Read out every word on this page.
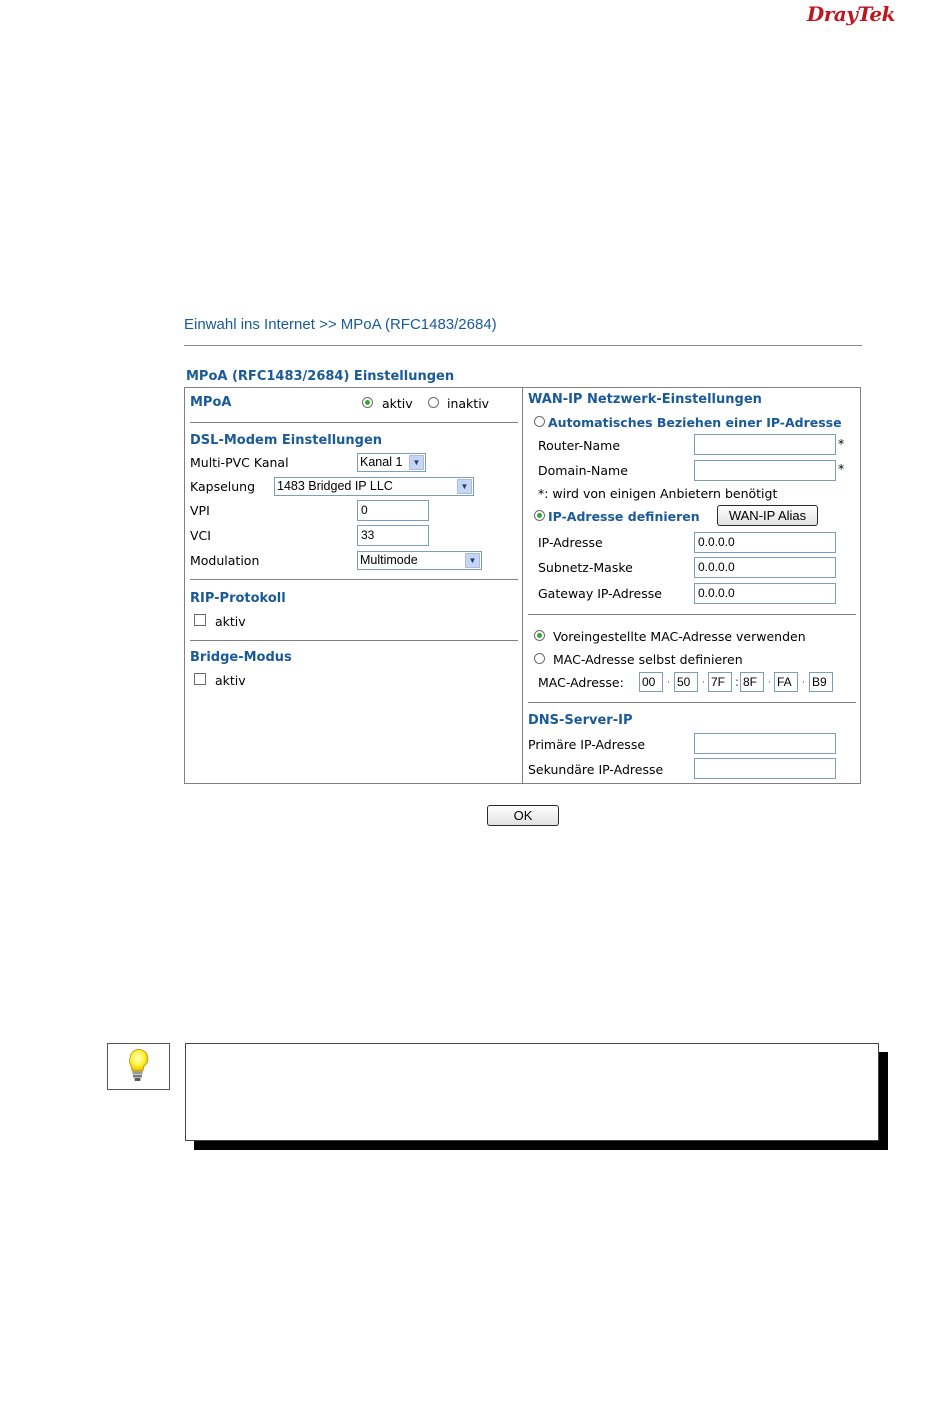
DrayTek
Einwahl ins Internet >> MPoA (RFC1483/2684)
MPoA (RFC1483/2684) Einstellungen
MPoA	aktiv	inaktiv
DSL-Modem Einstellungen
Multi-PVC Kanal	Kanal 1	▼
Kapselung 1483 Bridged IP LLC	▼
VPI	0
VCI	33
Modulation	Multimode	▼
RIP-Protokoll
aktiv
Bridge-Modus
aktiv
WAN-IP Netzwerk-Einstellungen
Automatisches Beziehen einer IP-Adresse
Router-Name	*
Domain-Name	*
*: wird von einigen Anbietern benötigt
IP-Adresse definieren	WAN-IP Alias
IP-Adresse	0.0.0.0
Subnetz-Maske	0.0.0.0
Gateway IP-Adresse	0.0.0.0
Voreingestellte MAC-Adresse verwenden
MAC-Adresse selbst definieren
MAC-Adresse: 00	· 50	· 7F : 8F	· FA	· B9
DNS-Server-IP
Primäre IP-Adresse
Sekundäre IP-Adresse
OK
